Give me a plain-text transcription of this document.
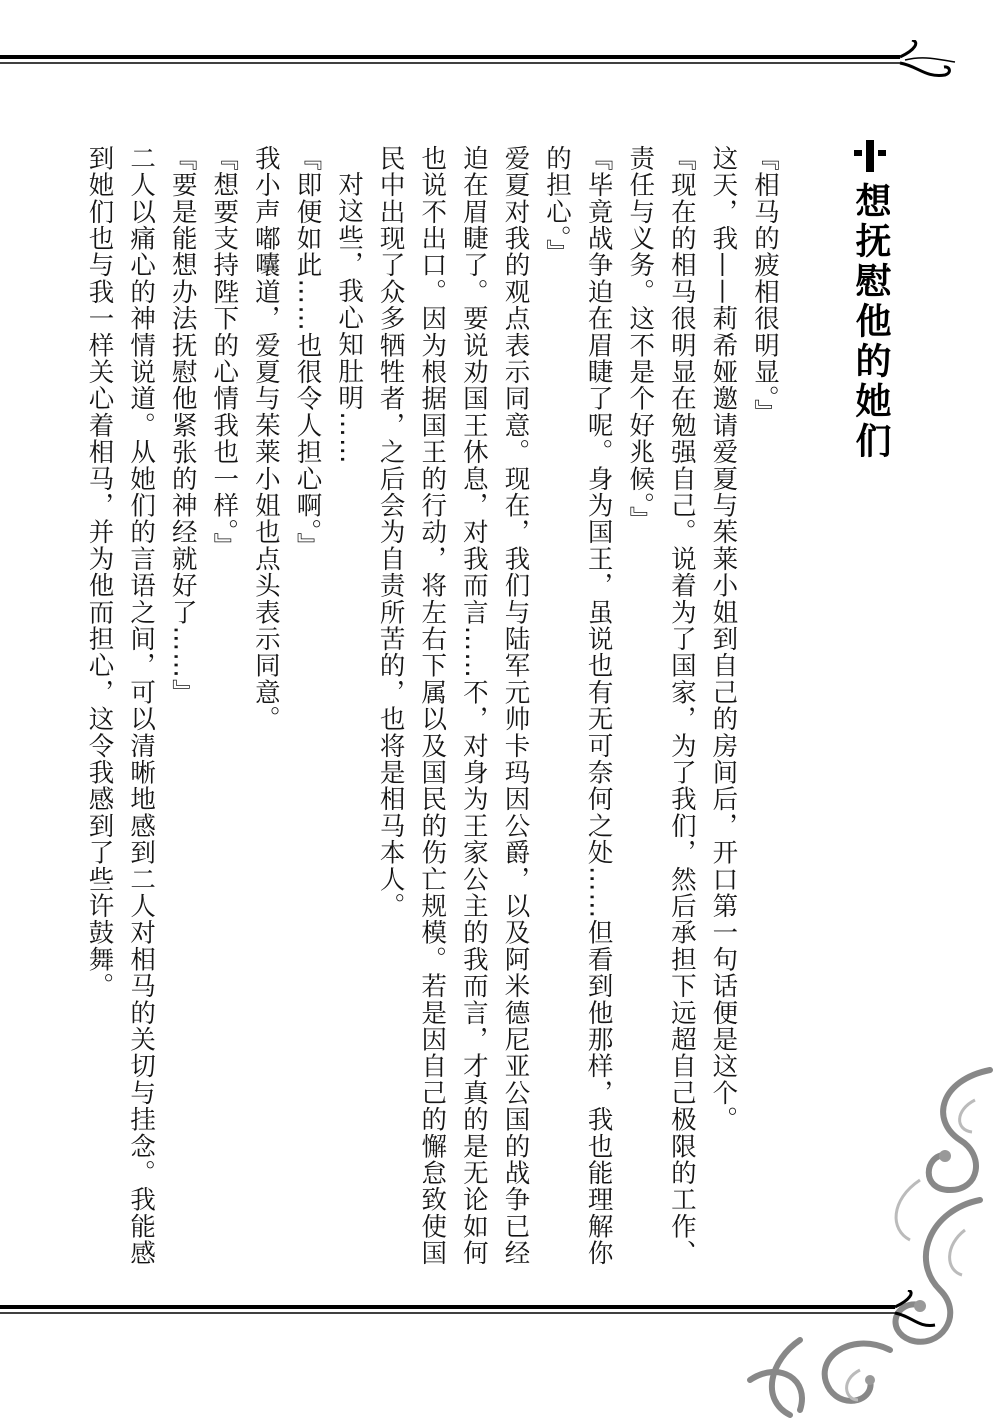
想抚慰他的她们

『相马的疲相很明显。』

这天，我——莉希娅邀请爱夏与茱莱小姐到自己的房间后，开口第一句话便是这个。

『现在的相马很明显在勉强自己。说着为了国家，为了我们，然后承担下远超自己极限的工作、责任与义务。这不是个好兆候。』

『毕竟战争迫在眉睫了呢。身为国王，虽说也有无可奈何之处……但看到他那样，我也能理解你的担心。』

爱夏对我的观点表示同意。现在，我们与陆军元帅卡玛因公爵，以及阿米德尼亚公国的战争已经迫在眉睫了。要说劝国王休息，对我而言……不，对身为王家公主的我而言，才真的是无论如何也说不出口。因为根据国王的行动，将左右下属以及国民的伤亡规模。若是因自己的懈怠致使国民中出现了众多牺牲者，之后会为自责所苦的，也将是相马本人。

对这些，我心知肚明……

『即便如此……也很令人担心啊。』

我小声嘟囔道，爱夏与茱莱小姐也点头表示同意。

『想要支持陛下的心情我也一样。』

『要是能想办法抚慰他紧张的神经就好了……』

二人以痛心的神情说道。从她们的言语之间，可以清晰地感到二人对相马的关切与挂念。我能感到她们也与我一样关心着相马，并为他而担心，这令我感到了些许鼓舞。
